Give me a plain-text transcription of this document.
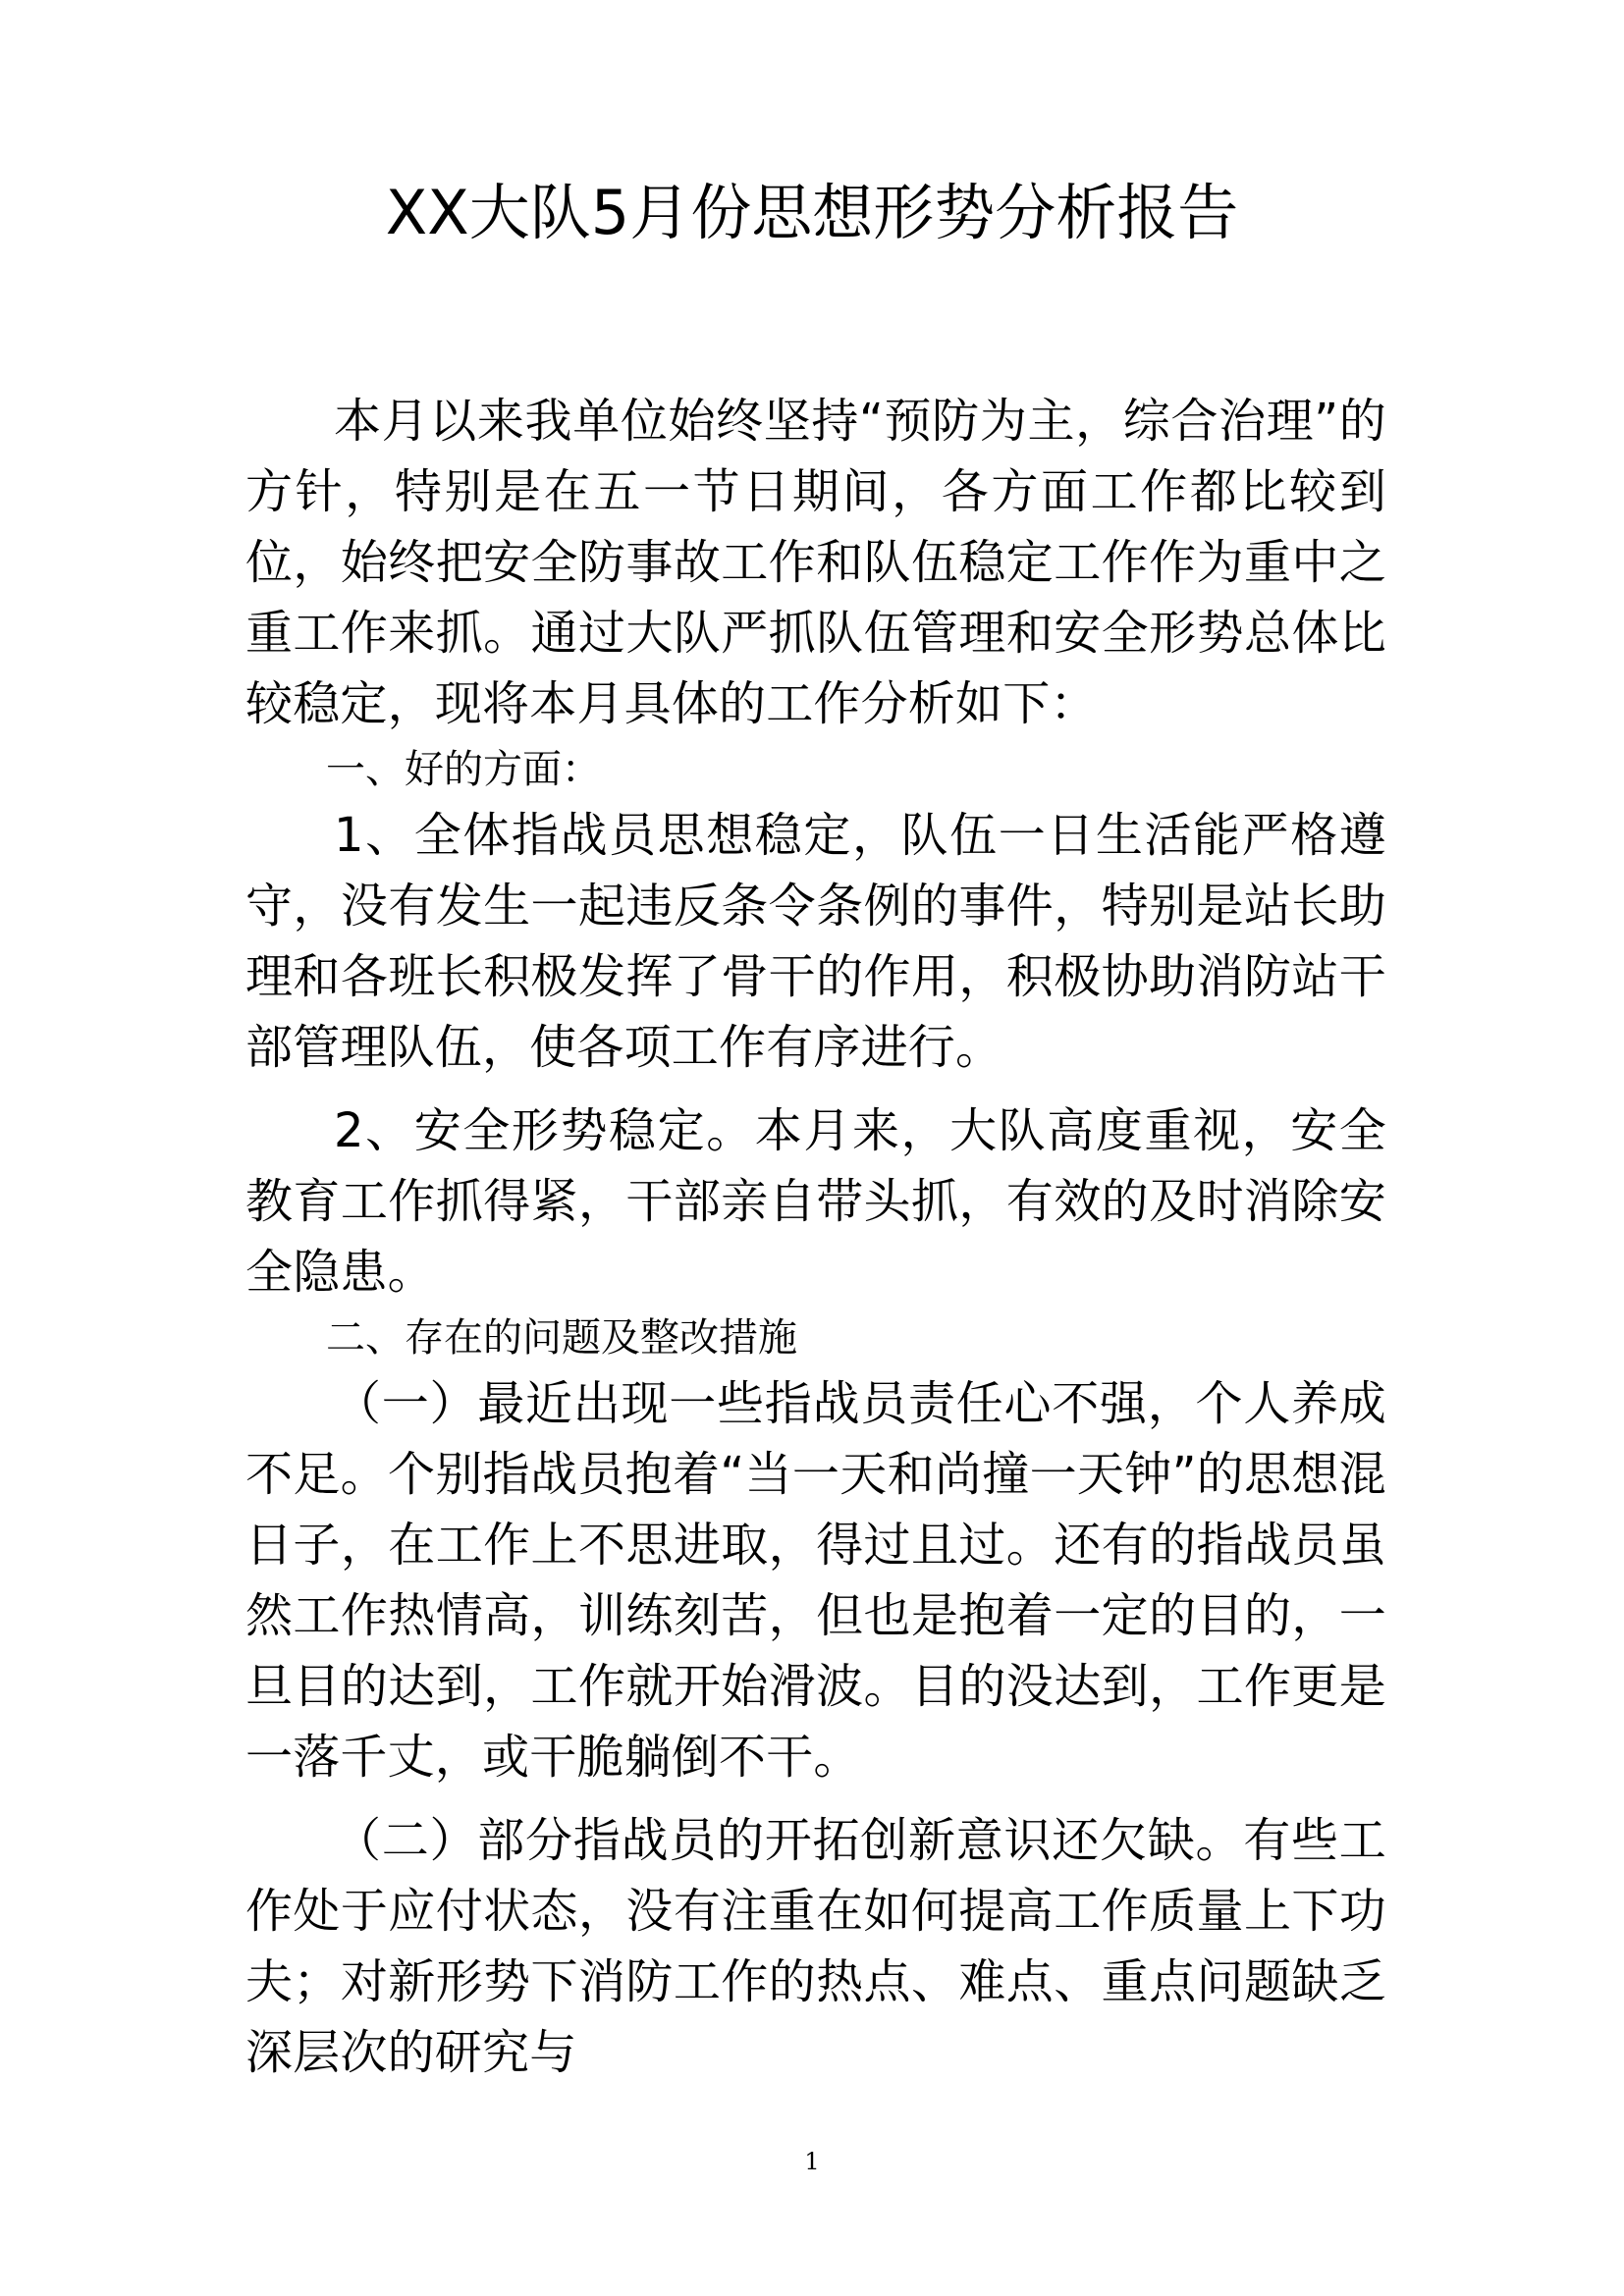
XX大队5月份思想形势分析报告

本月以来我单位始终坚持“预防为主，综合治理”的方针，特别是在五一节日期间，各方面工作都比较到位，始终把安全防事故工作和队伍稳定工作作为重中之重工作来抓。通过大队严抓队伍管理和安全形势总体比较稳定，现将本月具体的工作分析如下：

一、好的方面：

1、全体指战员思想稳定，队伍一日生活能严格遵守，没有发生一起违反条令条例的事件，特别是站长助理和各班长积极发挥了骨干的作用，积极协助消防站干部管理队伍，使各项工作有序进行。

2、安全形势稳定。本月来，大队高度重视，安全教育工作抓得紧，干部亲自带头抓，有效的及时消除安全隐患。

二、存在的问题及整改措施

（一）最近出现一些指战员责任心不强，个人养成不足。个别指战员抱着“当一天和尚撞一天钟”的思想混日子，在工作上不思进取，得过且过。还有的指战员虽然工作热情高，训练刻苦，但也是抱着一定的目的，一旦目的达到，工作就开始滑波。目的没达到，工作更是一落千丈，或干脆躺倒不干。

（二）部分指战员的开拓创新意识还欠缺。有些工作处于应付状态，没有注重在如何提高工作质量上下功夫；对新形势下消防工作的热点、难点、重点问题缺乏深层次的研究与

1
